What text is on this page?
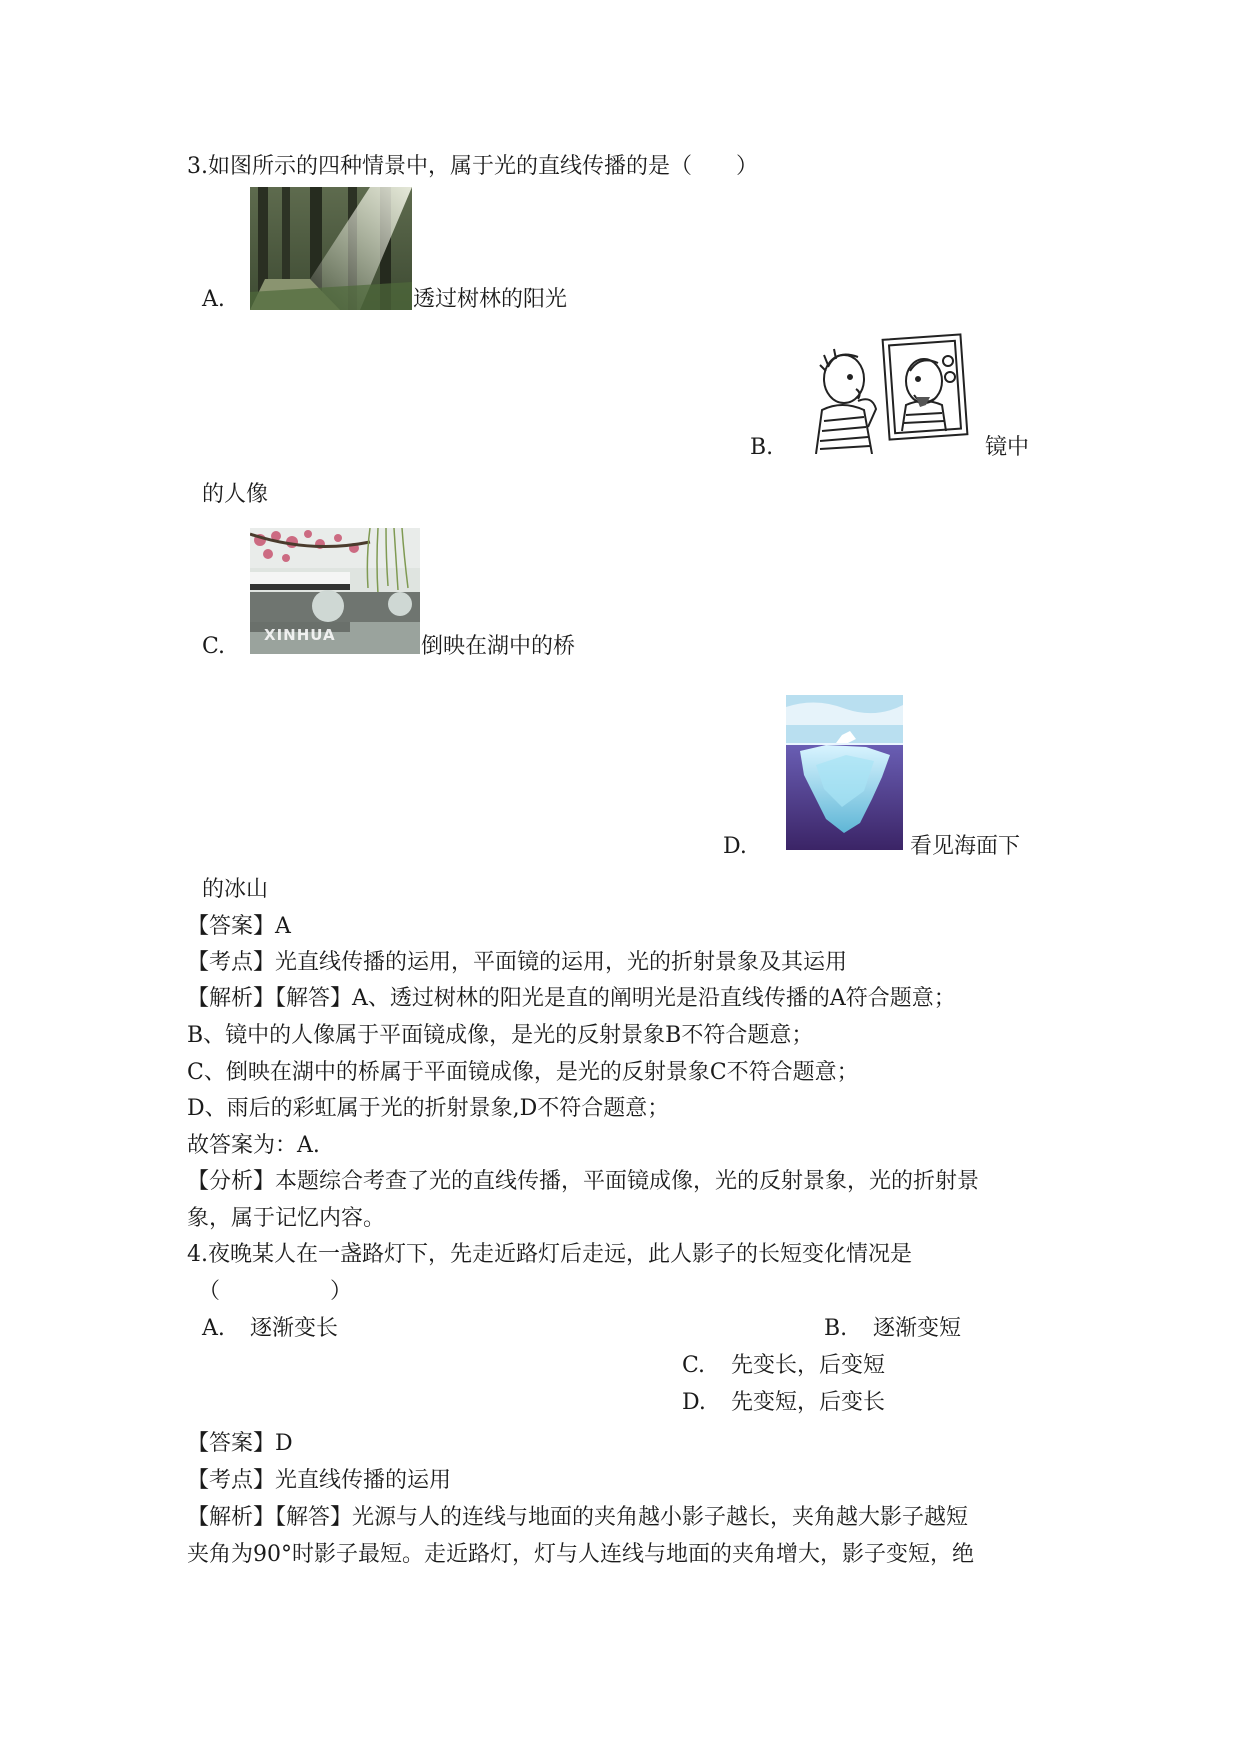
3.如图所示的四种情景中，属于光的直线传播的是（　　）
A.	透过树林的阳光
B.	镜中
的人像
C.	XINHUA	倒映在湖中的桥
D.	看见海面下
的冰山
【答案】A
【考点】光直线传播的运用，平面镜的运用，光的折射景象及其运用
【解析】【解答】A、透过树林的阳光是直的阐明光是沿直线传播的A符合题意；
B、镜中的人像属于平面镜成像，是光的反射景象B不符合题意；
C、倒映在湖中的桥属于平面镜成像，是光的反射景象C不符合题意；
D、雨后的彩虹属于光的折射景象,D不符合题意；
故答案为：A.
【分析】本题综合考查了光的直线传播，平面镜成像，光的反射景象，光的折射景
象，属于记忆内容。
4.夜晚某人在一盏路灯下，先走近路灯后走远，此人影子的长短变化情况是
（　　　　　）
A. 逐渐变长	B. 逐渐变短
C. 先变长，后变短
D. 先变短，后变长
【答案】D
【考点】光直线传播的运用
【解析】【解答】光源与人的连线与地面的夹角越小影子越长，夹角越大影子越短
夹角为90°时影子最短。走近路灯，灯与人连线与地面的夹角增大，影子变短，绝
